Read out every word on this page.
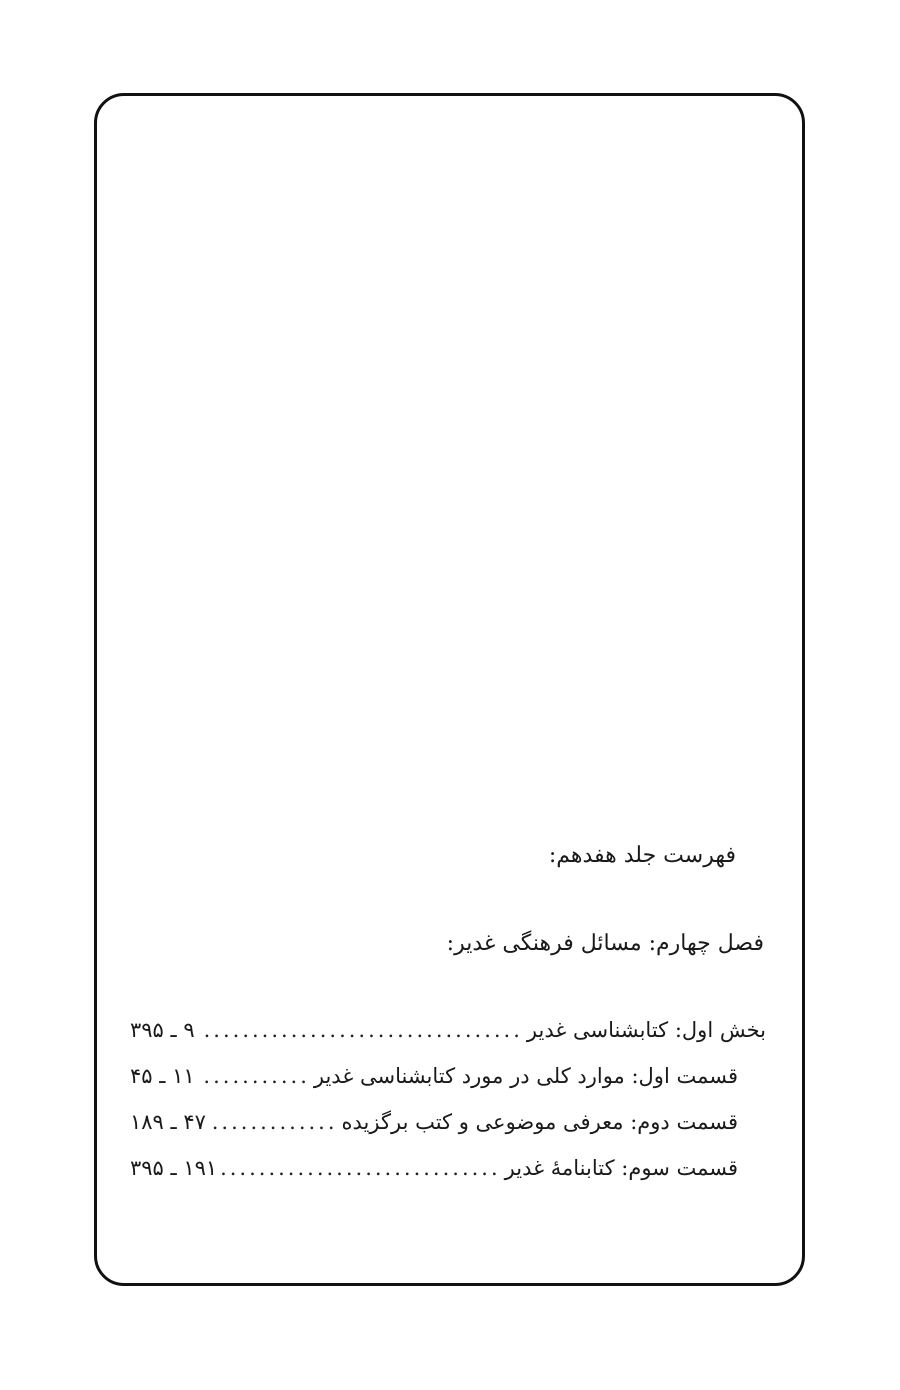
فهرست جلد هفدهم:
فصل چهارم: مسائل فرهنگی غدیر:
بخش اول: کتابشناسی غدیر
.....
۹ ـ ۳۹۵
قسمت اول: موارد کلی در مورد کتابشناسی غدیر
.....
۱۱ ـ ۴۵
قسمت دوم: معرفی موضوعی و کتب برگزیده
.....
۴۷ ـ ۱۸۹
قسمت سوم: کتابنامهٔ غدیر
.....
۱۹۱ ـ ۳۹۵
